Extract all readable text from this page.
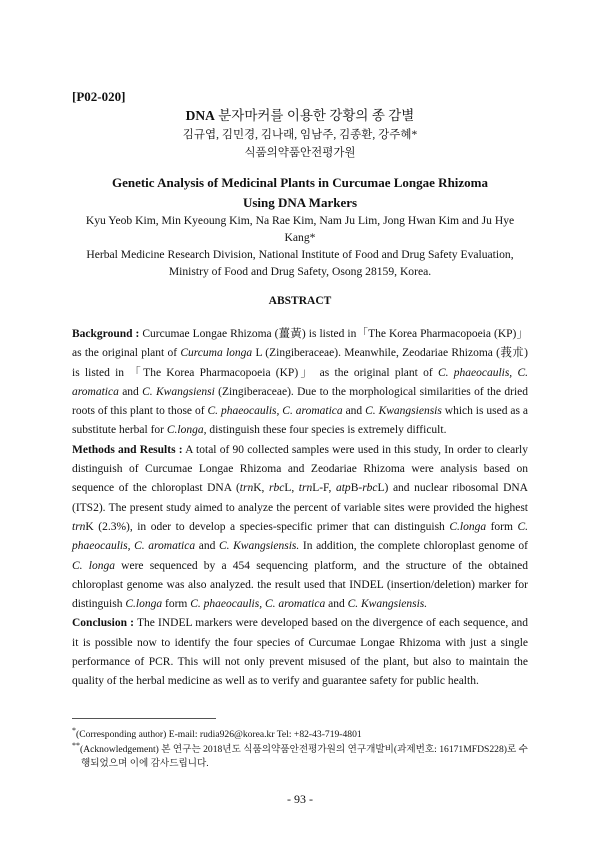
[P02-020]
DNA 분자마커를 이용한 강황의 종 감별
김규엽, 김민경, 김나래, 임남주, 김종환, 강주혜*
식품의약품안전평가원
Genetic Analysis of Medicinal Plants in Curcumae Longae Rhizoma
Using DNA Markers
Kyu Yeob Kim, Min Kyeoung Kim, Na Rae Kim, Nam Ju Lim, Jong Hwan Kim and Ju Hye Kang*
Herbal Medicine Research Division, National Institute of Food and Drug Safety Evaluation, Ministry of Food and Drug Safety, Osong 28159, Korea.
ABSTRACT

Background : Curcumae Longae Rhizoma (薑黃) is listed in「The Korea Pharmacopoeia (KP)」 as the original plant of Curcuma longa L (Zingiberaceae). Meanwhile, Zeodariae Rhizoma (莪朮) is listed in 「The Korea Pharmacopoeia (KP)」 as the original plant of C. phaeocaulis, C. aromatica and C. Kwangsiensi (Zingiberaceae). Due to the morphological similarities of the dried roots of this plant to those of C. phaeocaulis, C. aromatica and C. Kwangsiensis which is used as a substitute herbal for C.longa, distinguish these four species is extremely difficult.

Methods and Results : A total of 90 collected samples were used in this study, In order to clearly distinguish of Curcumae Longae Rhizoma and Zeodariae Rhizoma were analysis based on sequence of the chloroplast DNA (trnK, rbcL, trnL-F, atpB-rbcL) and nuclear ribosomal DNA (ITS2). The present study aimed to analyze the percent of variable sites were provided the highest trnK (2.3%), in oder to develop a species-specific primer that can distinguish C.longa form C. phaeocaulis, C. aromatica and C. Kwangsiensis. In addition, the complete chloroplast genome of C. longa were sequenced by a 454 sequencing platform, and the structure of the obtained chloroplast genome was also analyzed. the result used that INDEL (insertion/deletion) marker for distinguish C.longa form C. phaeocaulis, C. aromatica and C. Kwangsiensis.

Conclusion : The INDEL markers were developed based on the divergence of each sequence, and it is possible now to identify the four species of Curcumae Longae Rhizoma with just a single performance of PCR. This will not only prevent misused of the plant, but also to maintain the quality of the herbal medicine as well as to verify and guarantee safety for public health.

*(Corresponding author) E-mail: rudia926@korea.kr Tel: +82-43-719-4801
**(Acknowledgement) 본 연구는 2018년도 식품의약품안전평가원의 연구개발비(과제번호: 16171MFDS228)로 수
행되었으며 이에 감사드립니다.
- 93 -
